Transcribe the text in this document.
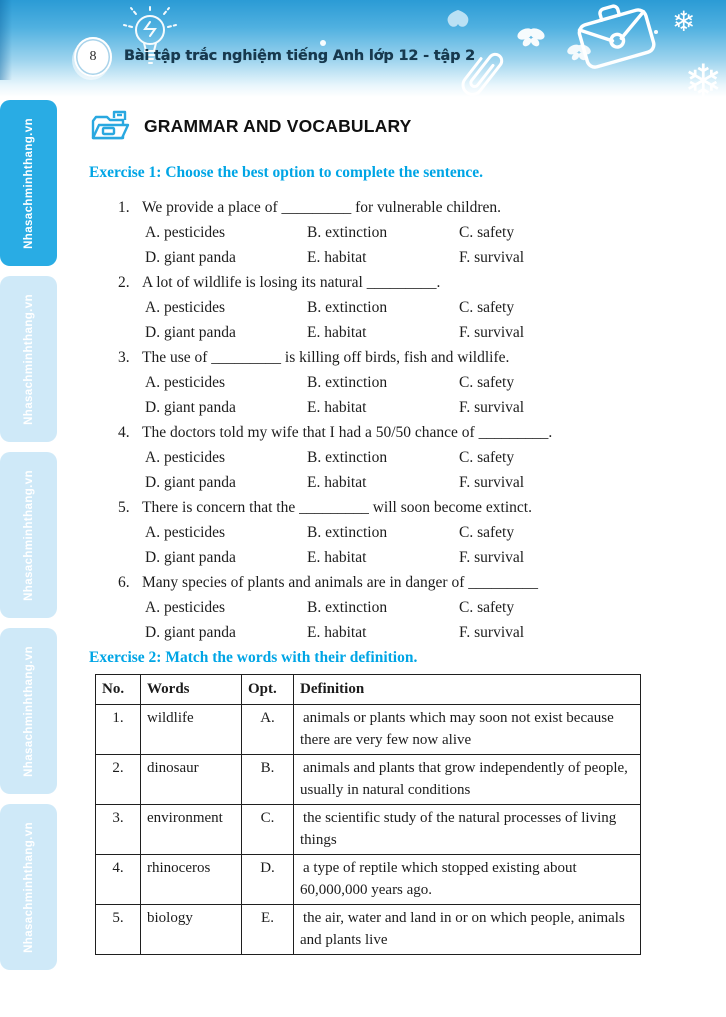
❄
❄
8 Bài tập trắc nghiệm tiếng Anh lớp 12 - tập 2
Nhasachminhthang.vn
Nhasachminhthang.vn
Nhasachminhthang.vn
Nhasachminhthang.vn
Nhasachminhthang.vn
GRAMMAR AND VOCABULARY
Exercise 1: Choose the best option to complete the sentence.
1. We provide a place of _________ for vulnerable children.
A. pesticides	B. extinction	C. safety
D. giant panda	E. habitat	F. survival
2. A lot of wildlife is losing its natural _________.
A. pesticides	B. extinction	C. safety
D. giant panda	E. habitat	F. survival
3. The use of _________ is killing off birds, fish and wildlife.
A. pesticides	B. extinction	C. safety
D. giant panda	E. habitat	F. survival
4. The doctors told my wife that I had a 50/50 chance of _________.
A. pesticides	B. extinction	C. safety
D. giant panda	E. habitat	F. survival
5. There is concern that the _________ will soon become extinct.
A. pesticides	B. extinction	C. safety
D. giant panda	E. habitat	F. survival
6. Many species of plants and animals are in danger of _________
A. pesticides	B. extinction	C. safety
D. giant panda	E. habitat	F. survival
Exercise 2: Match the words with their definition.
No.	Words	Opt.	Definition
1.	wildlife	A.	animals or plants which may soon not exist because there are very few now alive
2.	dinosaur	B.	animals and plants that grow independently of people, usually in natural conditions
3.	environment	C.	the scientific study of the natural processes of living things
4.	rhinoceros	D.	a type of reptile which stopped existing about 60,000,000 years ago.
5.	biology	E.	the air, water and land in or on which people, animals and plants live
